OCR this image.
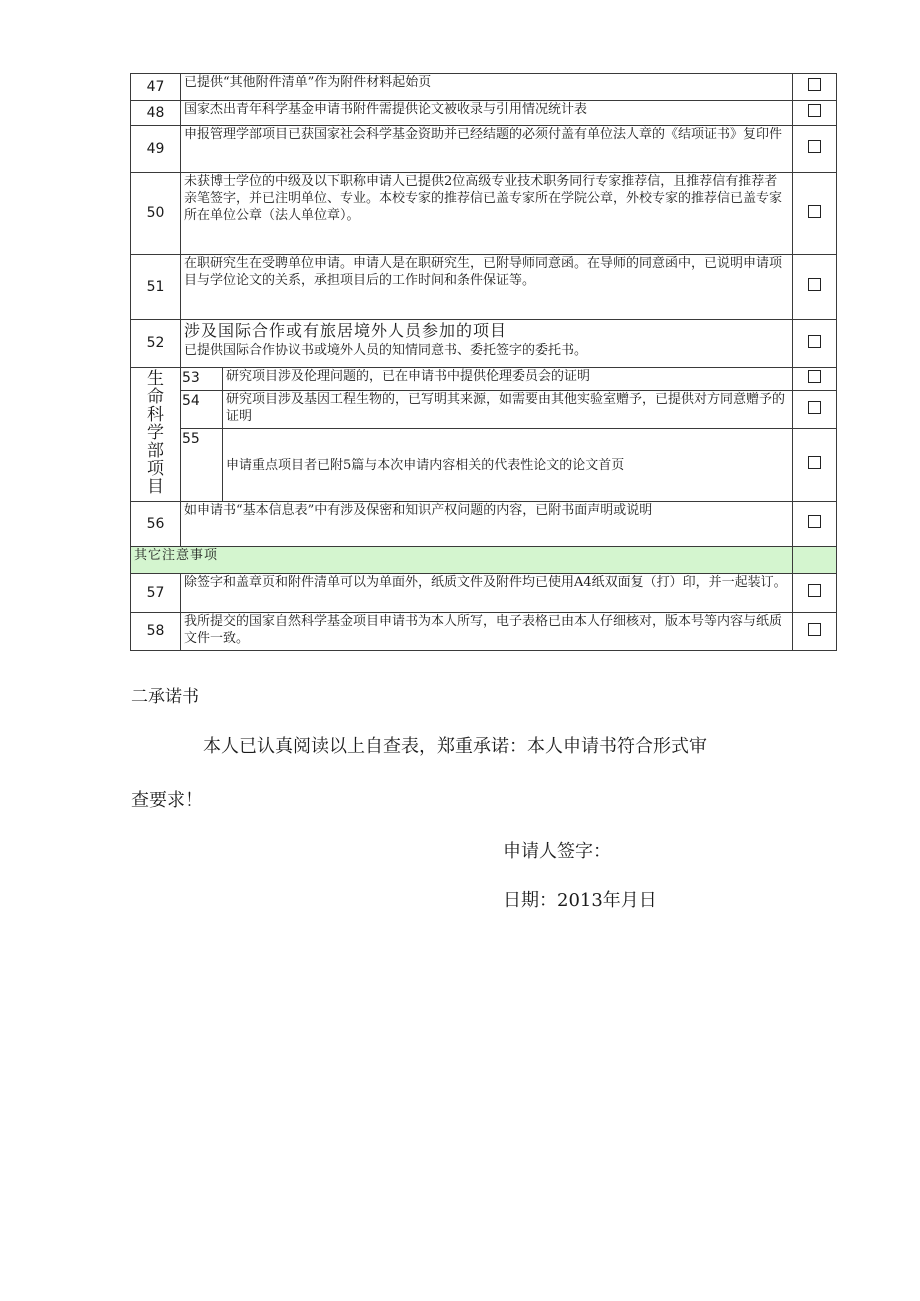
47	已提供“其他附件清单”作为附件材料起始页		
48	国家杰出青年科学基金申请书附件需提供论文被收录与引用情况统计表		
49	申报管理学部项目已获国家社会科学基金资助并已经结题的必须付盖有单位法人章的《结项证书》复印件		
50	未获博士学位的中级及以下职称申请人已提供2位高级专业技术职务同行专家推荐信，且推荐信有推荐者亲笔签字，并已注明单位、专业。本校专家的推荐信已盖专家所在学院公章，外校专家的推荐信已盖专家所在单位公章（法人单位章）。		
51	在职研究生在受聘单位申请。申请人是在职研究生，已附导师同意函。在导师的同意函中，已说明申请项目与学位论文的关系，承担项目后的工作时间和条件保证等。		
52	涉及国际合作或有旅居境外人员参加的项目
已提供国际合作协议书或境外人员的知情同意书、委托签字的委托书。		

生命科学部项目	53	研究项目涉及伦理问题的，已在申请书中提供伦理委员会的证明	
	54	研究项目涉及基因工程生物的，已写明其来源，如需要由其他实验室赠予，已提供对方同意赠予的证明	
	55	申请重点项目者已附5篇与本次申请内容相关的代表性论文的论文首页	
56	如申请书“基本信息表”中有涉及保密和知识产权问题的内容，已附书面声明或说明		
其它注意事项			
57	除签字和盖章页和附件清单可以为单面外，纸质文件及附件均已使用A4纸双面复（打）印，并一起装订。		
58	我所提交的国家自然科学基金项目申请书为本人所写，电子表格已由本人仔细核对，版本号等内容与纸质文件一致。		
二承诺书
本人已认真阅读以上自查表，郑重承诺：本人申请书符合形式审
查要求！
申请人签字：
日期：2013年月日
